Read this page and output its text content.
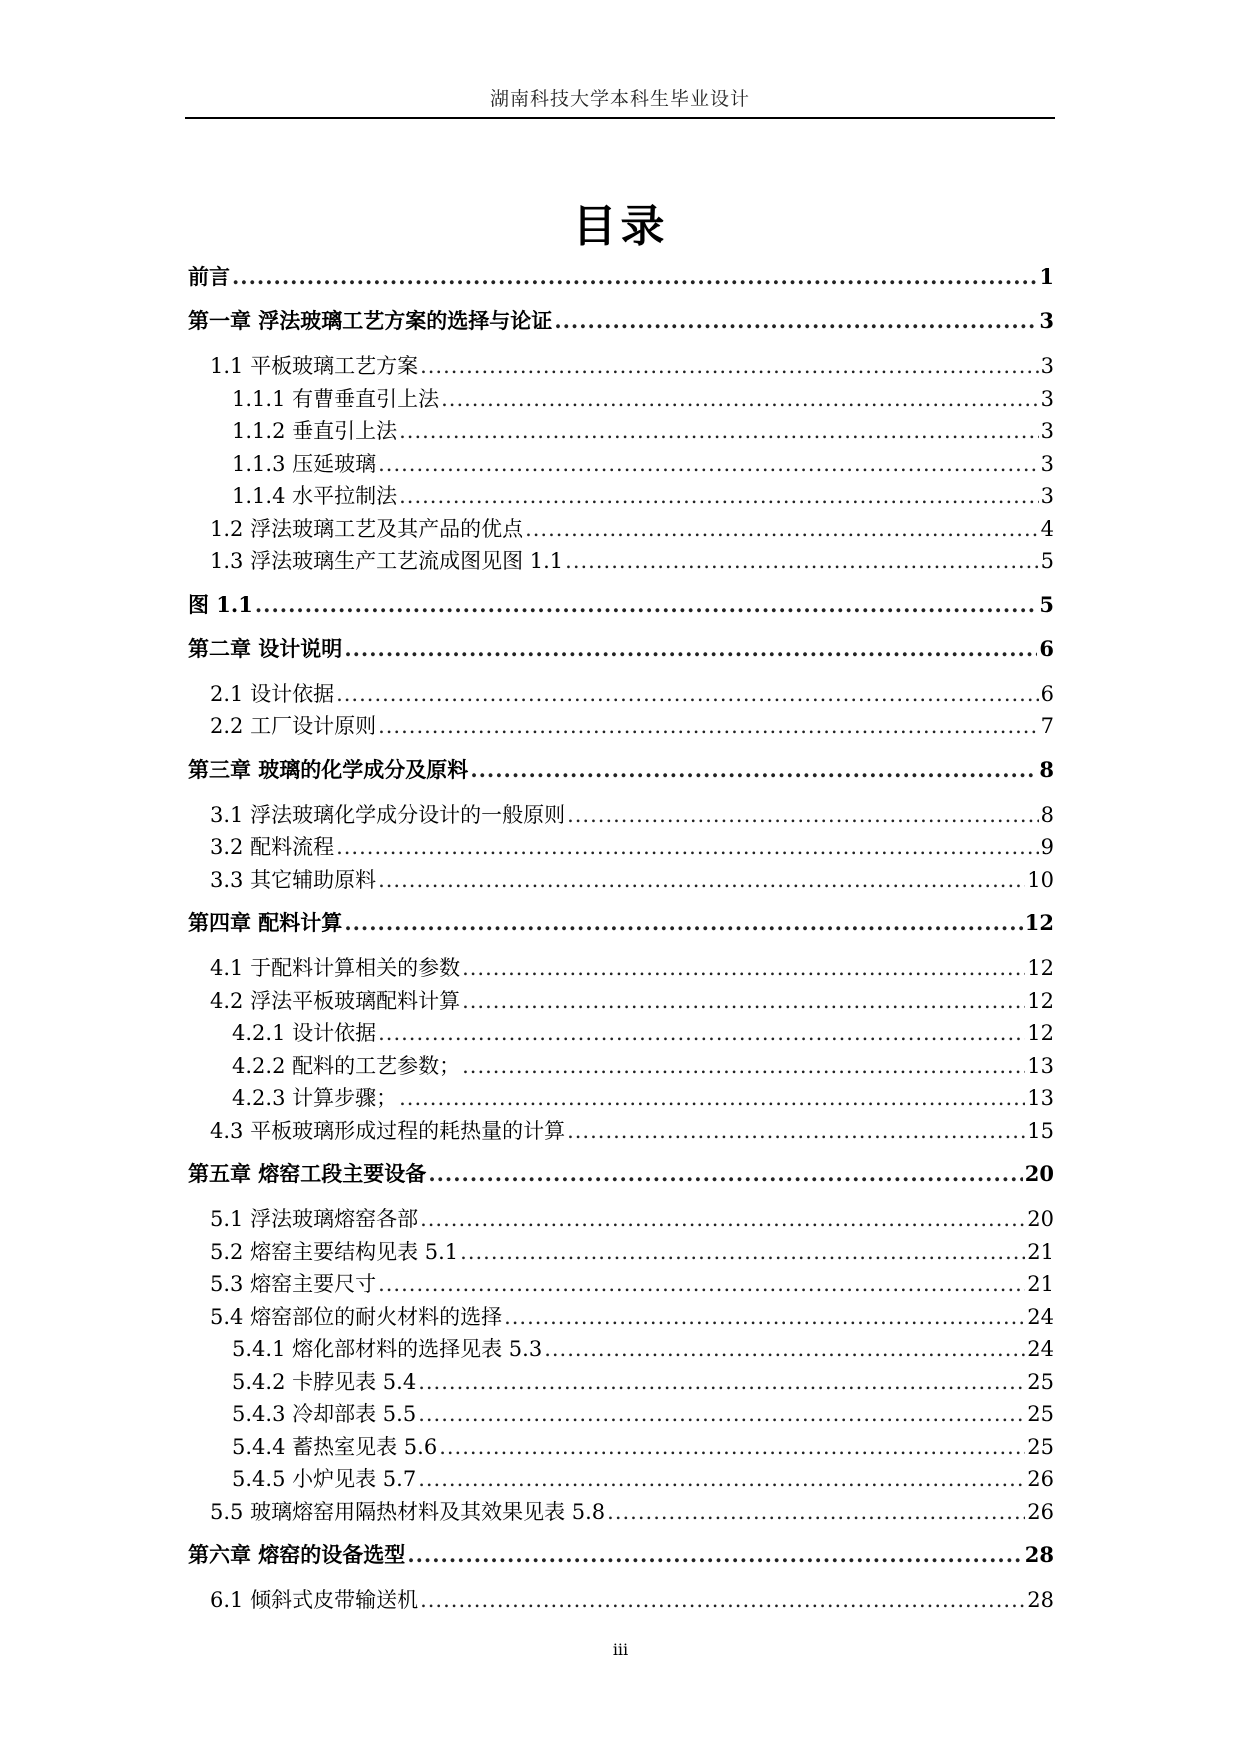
湖南科技大学本科生毕业设计
目录
前言 .....	1
第一章 浮法玻璃工艺方案的选择与论证 .....	3
1.1 平板玻璃工艺方案 .....	3
1.1.1 有曹垂直引上法 .....	3
1.1.2 垂直引上法 .....	3
1.1.3 压延玻璃 .....	3
1.1.4 水平拉制法 .....	3
1.2 浮法玻璃工艺及其产品的优点 .....	4
1.3 浮法玻璃生产工艺流成图见图 1.1 .....	5
图 1.1 .....	5
第二章 设计说明 .....	6
2.1 设计依据 .....	6
2.2 工厂设计原则 .....	7
第三章 玻璃的化学成分及原料 .....	8
3.1 浮法玻璃化学成分设计的一般原则 .....	8
3.2 配料流程 .....	9
3.3 其它辅助原料 .....	10
第四章 配料计算 .....	12
4.1 于配料计算相关的参数 .....	12
4.2 浮法平板玻璃配料计算 .....	12
4.2.1 设计依据 .....	12
4.2.2 配料的工艺参数； .....	13
4.2.3 计算步骤； .....	13
4.3 平板玻璃形成过程的耗热量的计算 .....	15
第五章 熔窑工段主要设备 .....	20
5.1 浮法玻璃熔窑各部 .....	20
5.2 熔窑主要结构见表 5.1 .....	21
5.3 熔窑主要尺寸 .....	21
5.4 熔窑部位的耐火材料的选择 .....	24
5.4.1 熔化部材料的选择见表 5.3 .....	24
5.4.2 卡脖见表 5.4 .....	25
5.4.3 冷却部表 5.5 .....	25
5.4.4 蓄热室见表 5.6 .....	25
5.4.5 小炉见表 5.7 .....	26
5.5 玻璃熔窑用隔热材料及其效果见表 5.8 .....	26
第六章 熔窑的设备选型 .....	28
6.1 倾斜式皮带输送机 .....	28
iii
